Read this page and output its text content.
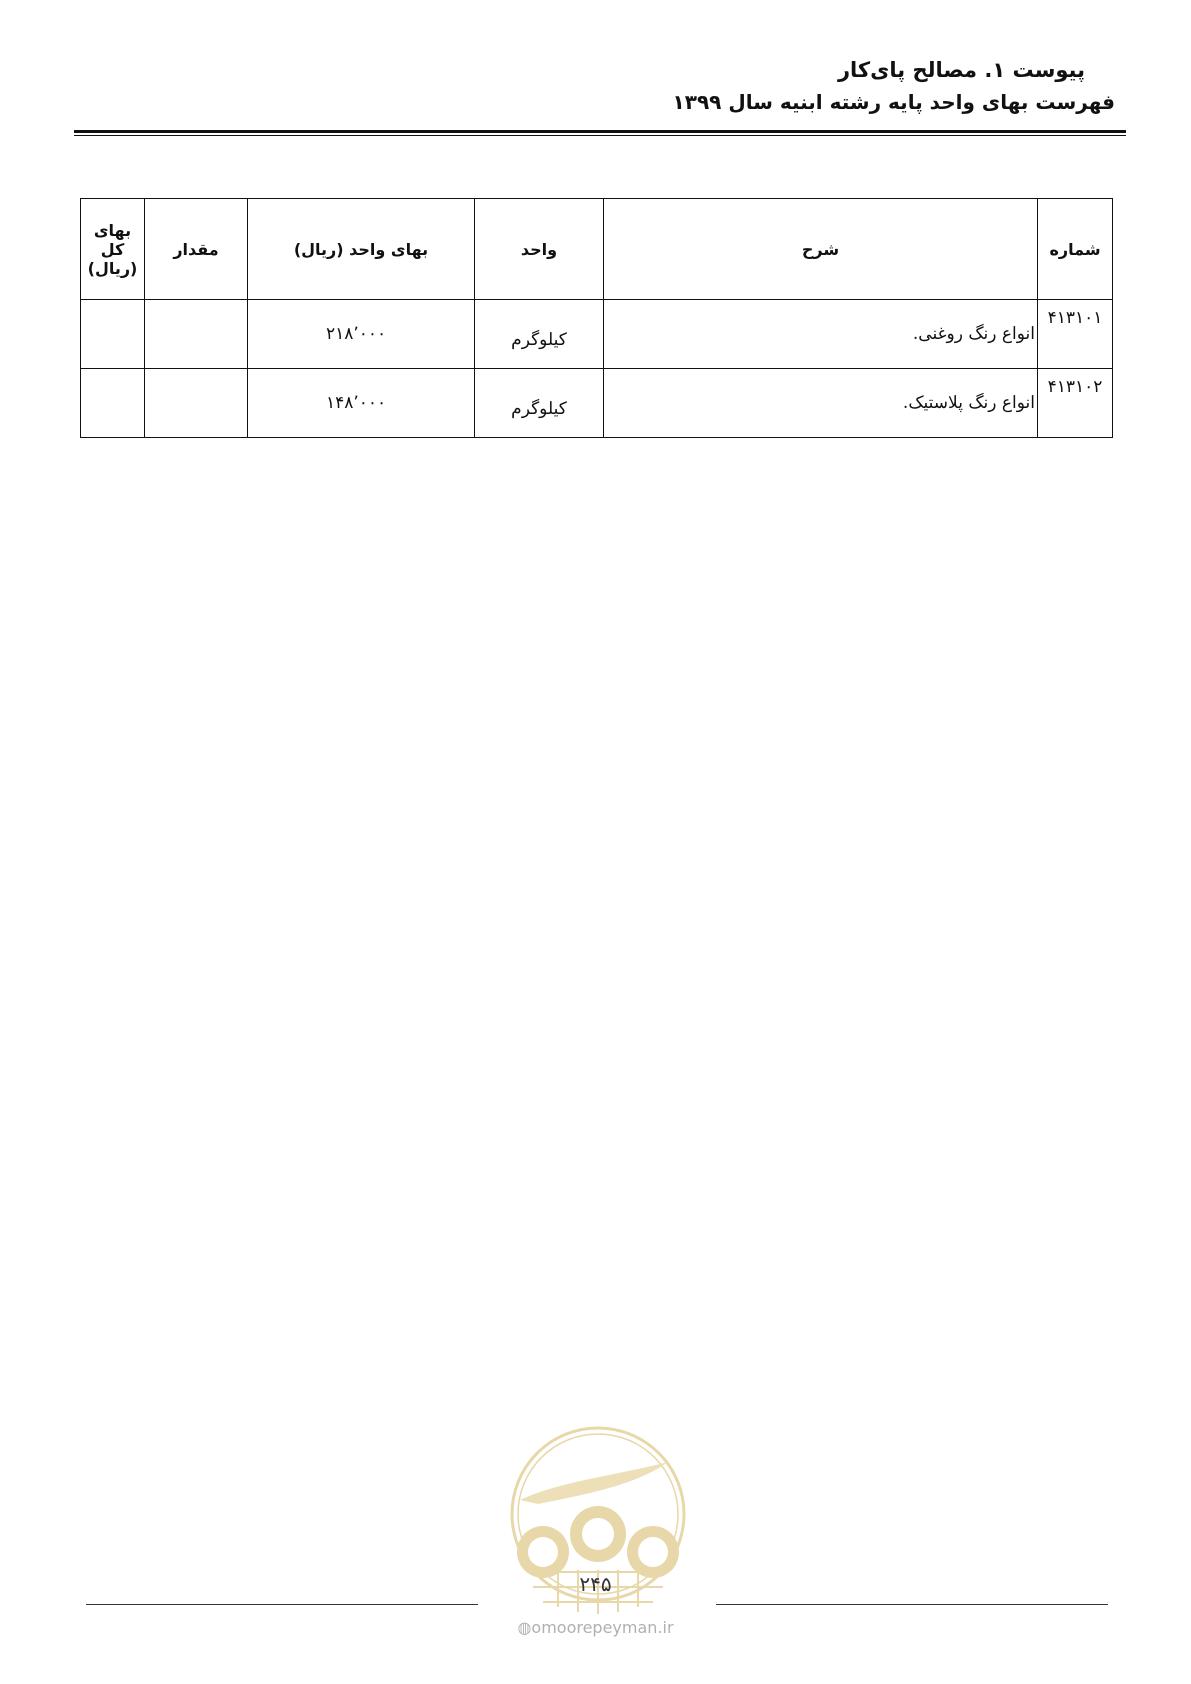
پیوست ۱. مصالح پای‌کار
فهرست بهای واحد پایه رشته ابنیه سال ۱۳۹۹
شماره	شرح	واحد	بهای واحد (ریال)	مقدار	بهای کل (ریال)
۴۱۳۱۰۱	انواع رنگ روغنی.	کیلوگرم	۲۱۸٬۰۰۰		
۴۱۳۱۰۲	انواع رنگ پلاستیک.	کیلوگرم	۱۴۸٬۰۰۰		
۲۴۵
◍omoorepeyman.ir
